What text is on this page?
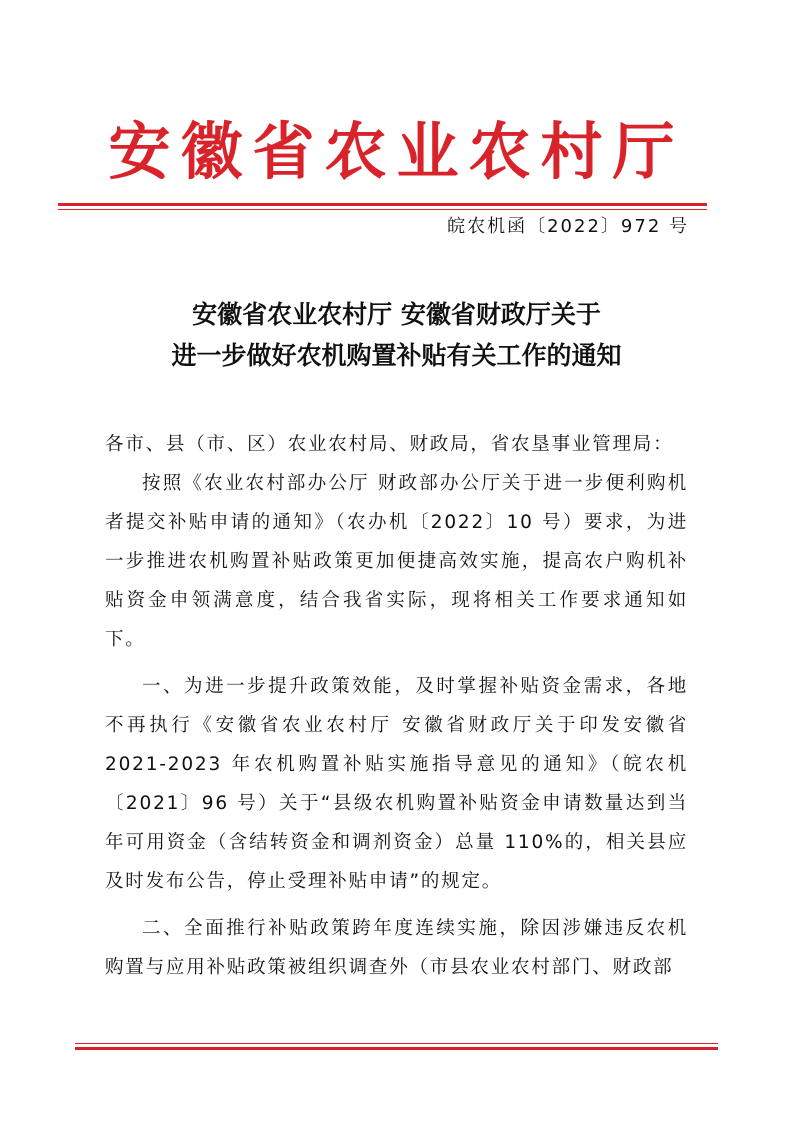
安徽省农业农村厅
皖农机函〔2022〕972 号
安徽省农业农村厅 安徽省财政厅关于
进一步做好农机购置补贴有关工作的通知

各市、县（市、区）农业农村局、财政局，省农垦事业管理局：

按照《农业农村部办公厅 财政部办公厅关于进一步便利购机者提交补贴申请的通知》（农办机〔2022〕10 号）要求，为进一步推进农机购置补贴政策更加便捷高效实施，提高农户购机补贴资金申领满意度，结合我省实际，现将相关工作要求通知如下。

一、为进一步提升政策效能，及时掌握补贴资金需求，各地不再执行《安徽省农业农村厅 安徽省财政厅关于印发安徽省2021-2023 年农机购置补贴实施指导意见的通知》（皖农机〔2021〕96 号）关于“县级农机购置补贴资金申请数量达到当年可用资金（含结转资金和调剂资金）总量 110%的，相关县应及时发布公告，停止受理补贴申请”的规定。

二、全面推行补贴政策跨年度连续实施，除因涉嫌违反农机购置与应用补贴政策被组织调查外（市县农业农村部门、财政部
